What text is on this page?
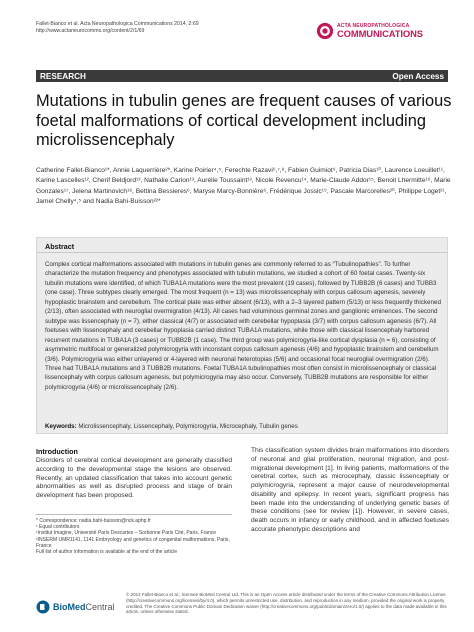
Fallet-Bianco et al. Acta Neuropathologica Communications 2014, 2:69
http://www.actaneurocomms.org/content/2/1/69
ACTA NEUROPATHOLOGICA
COMMUNICATIONS
RESEARCH	Open Access
Mutations in tubulin genes are frequent causes of various foetal malformations of cortical development including microlissencephaly
Catherine Fallet-Bianco¹*, Annie Laquerrière²*, Karine Poirier⁴,⁵, Ferechte Razavi⁶,⁷,⁸, Fabien Guimiot⁹, Patricia Dias¹⁰, Laurence Loeuillet¹¹, Karine Lascelles¹², Cherif Beldjord¹³, Nathalie Carion¹³, Aurélie Toussaint¹³, Nicole Revencu¹⁴, Marie-Claude Addor¹⁵, Benoit Lhermitte¹⁶, Marie Gonzales¹⁷, Jelena Martinovich¹⁸, Bettina Bessieres⁶, Maryse Marcy-Bonnière⁶, Frédérique Jossic¹⁹, Pascale Marcorelles²⁰, Philippe Loget²¹, Jamel Chelly⁴,⁵ and Nadia Bahi-Buisson²²*
Abstract
Complex cortical malformations associated with mutations in tubulin genes are commonly referred to as “Tubulinopathies”. To further characterize the mutation frequency and phenotypes associated with tubulin mutations, we studied a cohort of 60 foetal cases. Twenty-six tubulin mutations were identified, of which TUBA1A mutations were the most prevalent (19 cases), followed by TUBB2B (6 cases) and TUBB3 (one case). Three subtypes clearly emerged. The most frequent (n = 13) was microlissencephaly with corpus callosum agenesis, severely hypoplastic brainstem and cerebellum. The cortical plate was either absent (6/13), with a 2–3 layered pattern (5/13) or less frequently thickened (2/13), often associated with neuroglial overmigration (4/13). All cases had voluminous germinal zones and ganglionic eminences. The second subtype was lissencephaly (n = 7), either classical (4/7) or associated with cerebellar hypoplasia (3/7) with corpus callosum agenesis (6/7). All foetuses with lissencephaly and cerebellar hypoplasia carried distinct TUBA1A mutations, while those with classical lissencephaly harbored recurrent mutations in TUBA1A (3 cases) or TUBB2B (1 case). The third group was polymicrogyria-like cortical dysplasia (n = 6), consisting of asymmetric multifocal or generalized polymicrogyria with inconstant corpus callosum agenesis (4/6) and hypoplastic brainstem and cerebellum (3/6). Polymicrogyria was either unlayered or 4-layered with neuronal heterotopias (5/6) and occasional focal neuroglial overmigration (2/6). Three had TUBA1A mutations and 3 TUBB2B mutations. Foetal TUBA1A tubulinopathies most often consist in microlissencephaly or classical lissencephaly with corpus callosum agenesis, but polymicrogyria may also occur. Conversely, TUBB2B mutations are responsible for either polymicrogyria (4/6) or microlissencephaly (2/6).
Keywords: Microlissencephaly, Lissencephaly, Polymicrogyria, Microcephaly, Tubulin genes
Introduction
Disorders of cerebral cortical development are generally classified according to the developmental stage the lesions are observed. Recently, an updated classification that takes into account genetic abnormalities as well as disrupted process and stage of brain development has been proposed.
This classification system divides brain malformations into disorders of neuronal and glial proliferation, neuronal migration, and post-migrational development [1]. In living patients, malformations of the cerebral cortex, such as microcephaly, classic lissencephaly or polymicrogyria, represent a major cause of neurodevelopmental disability and epilepsy. In recent years, significant progress has been made into the understanding of underlying genetic bases of these conditions (see for review [1]). However, in severe cases, death occurs in infancy or early childhood, and in affected foetuses accurate phenotypic descriptions and
* Correspondence: nadia.bahi-buisson@nck.aphp.fr
¹ Equal contributors
¹Institut Imagine, Université Paris Descartes – Sorbonne Paris Cité, Paris, France
²INSERM UMR1141, 1141 Embryology and genetics of congenital malformations, Paris, France
Full list of author information is available at the end of the article
BioMedCentral
© 2014 Fallet-Bianco et al.; licensee BioMed Central Ltd. This is an Open Access article distributed under the terms of the Creative Commons Attribution License (http://creativecommons.org/licenses/by/4.0), which permits unrestricted use, distribution, and reproduction in any medium, provided the original work is properly credited. The Creative Commons Public Domain Dedication waiver (http://creativecommons.org/publicdomain/zero/1.0/) applies to the data made available in this article, unless otherwise stated.
